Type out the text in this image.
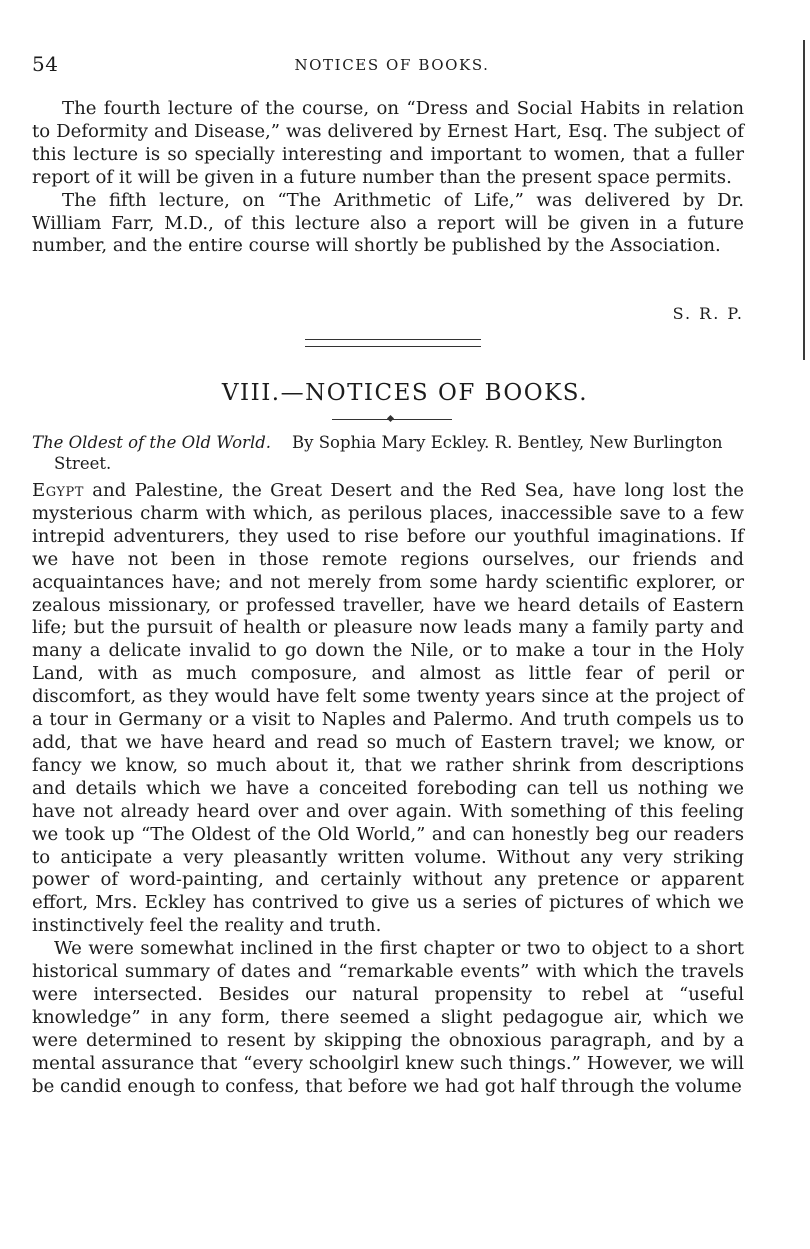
54	NOTICES OF BOOKS.

The fourth lecture of the course, on “Dress and Social Habits in relation to Deformity and Disease,” was delivered by Ernest Hart, Esq. The subject of this lecture is so specially interesting and important to women, that a fuller report of it will be given in a future number than the present space permits.

The fifth lecture, on “The Arithmetic of Life,” was delivered by Dr. William Farr, M.D., of this lecture also a report will be given in a future number, and the entire course will shortly be published by the Association.

S. R. P.
VIII.—NOTICES OF BOOKS.
The Oldest of the Old World. By Sophia Mary Eckley. R. Bentley, New Burlington Street.

Egypt and Palestine, the Great Desert and the Red Sea, have long lost the mysterious charm with which, as perilous places, inaccessible save to a few intrepid adventurers, they used to rise before our youthful imaginations. If we have not been in those remote regions ourselves, our friends and acquaintances have; and not merely from some hardy scientific explorer, or zealous missionary, or professed traveller, have we heard details of Eastern life; but the pursuit of health or pleasure now leads many a family party and many a delicate invalid to go down the Nile, or to make a tour in the Holy Land, with as much composure, and almost as little fear of peril or discomfort, as they would have felt some twenty years since at the project of a tour in Germany or a visit to Naples and Palermo. And truth compels us to add, that we have heard and read so much of Eastern travel; we know, or fancy we know, so much about it, that we rather shrink from descriptions and details which we have a conceited foreboding can tell us nothing we have not already heard over and over again. With something of this feeling we took up “The Oldest of the Old World,” and can honestly beg our readers to anticipate a very pleasantly written volume. Without any very striking power of word-painting, and certainly without any pretence or apparent effort, Mrs. Eckley has contrived to give us a series of pictures of which we instinctively feel the reality and truth.

We were somewhat inclined in the first chapter or two to object to a short historical summary of dates and “remarkable events” with which the travels were intersected. Besides our natural propensity to rebel at “useful knowledge” in any form, there seemed a slight pedagogue air, which we were determined to resent by skipping the obnoxious paragraph, and by a mental assurance that “every schoolgirl knew such things.” However, we will be candid enough to confess, that before we had got half through the volume
